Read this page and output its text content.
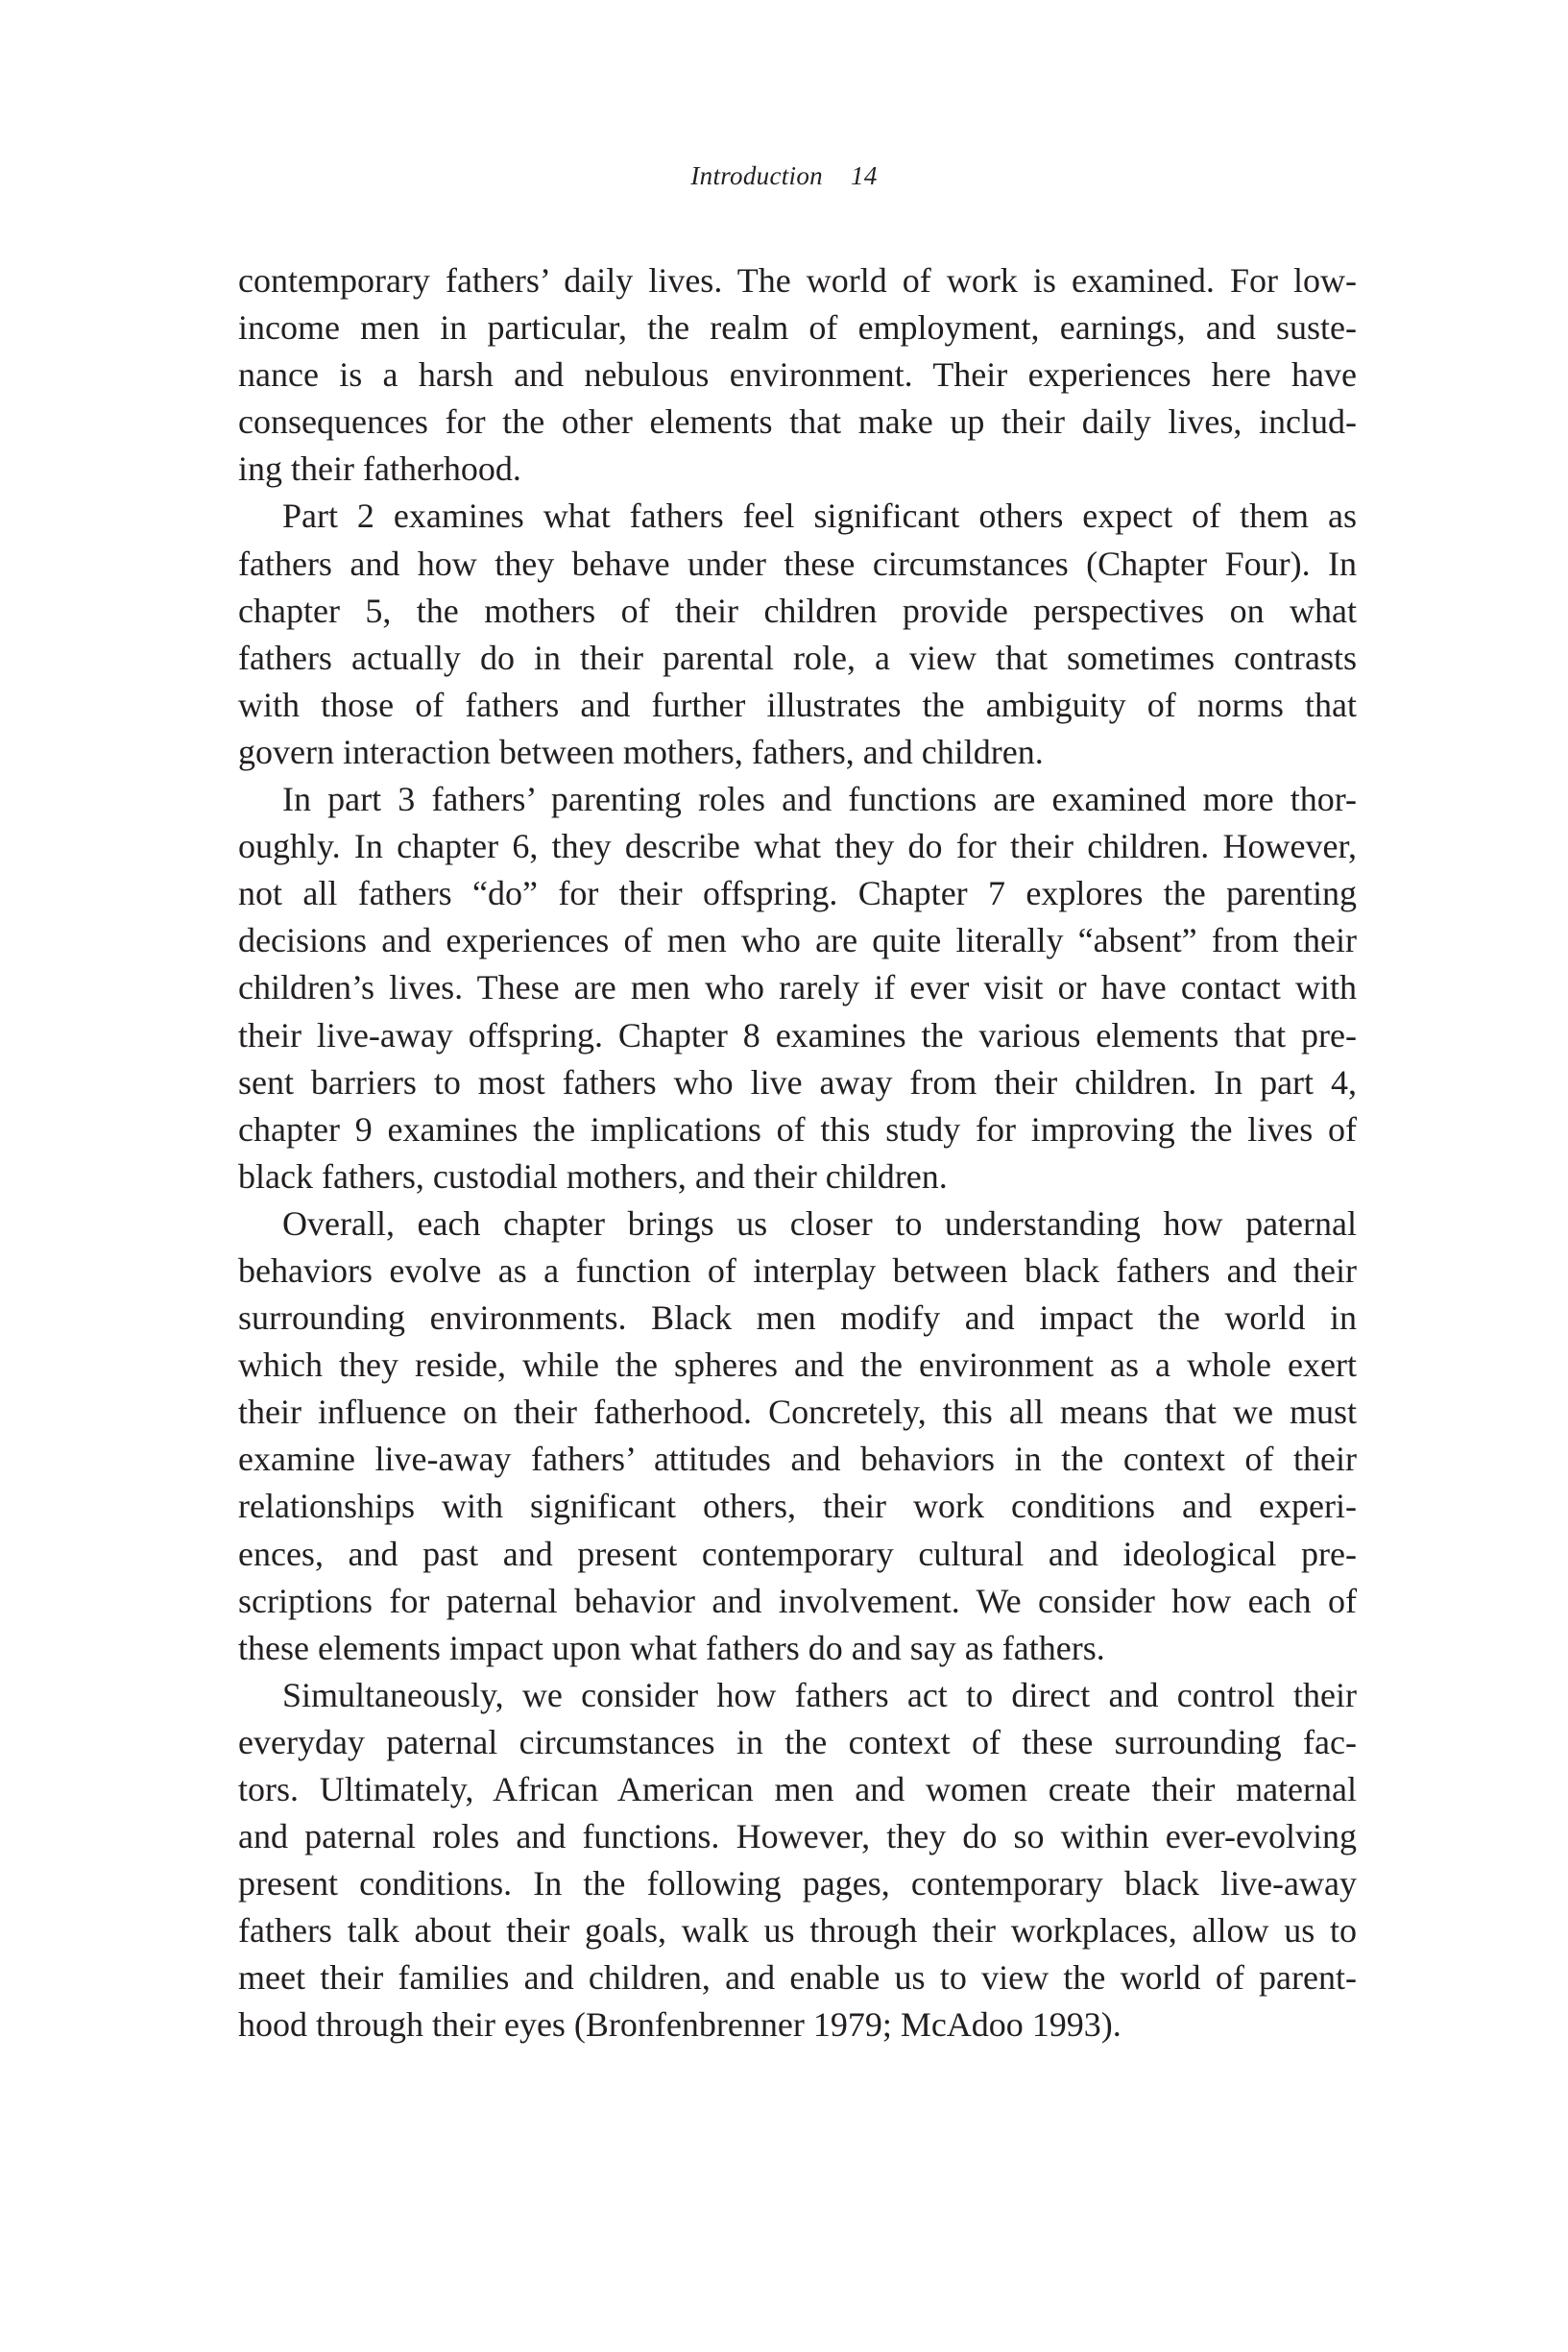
Introduction 14
contemporary fathers’ daily lives. The world of work is examined. For low-
income men in particular, the realm of employment, earnings, and suste-
nance is a harsh and nebulous environment. Their experiences here have
consequences for the other elements that make up their daily lives, includ-
ing their fatherhood.
Part 2 examines what fathers feel significant others expect of them as
fathers and how they behave under these circumstances (Chapter Four). In
chapter 5, the mothers of their children provide perspectives on what
fathers actually do in their parental role, a view that sometimes contrasts
with those of fathers and further illustrates the ambiguity of norms that
govern interaction between mothers, fathers, and children.
In part 3 fathers’ parenting roles and functions are examined more thor-
oughly. In chapter 6, they describe what they do for their children. However,
not all fathers “do” for their offspring. Chapter 7 explores the parenting
decisions and experiences of men who are quite literally “absent” from their
children’s lives. These are men who rarely if ever visit or have contact with
their live-away offspring. Chapter 8 examines the various elements that pre-
sent barriers to most fathers who live away from their children. In part 4,
chapter 9 examines the implications of this study for improving the lives of
black fathers, custodial mothers, and their children.
Overall, each chapter brings us closer to understanding how paternal
behaviors evolve as a function of interplay between black fathers and their
surrounding environments. Black men modify and impact the world in
which they reside, while the spheres and the environment as a whole exert
their influence on their fatherhood. Concretely, this all means that we must
examine live-away fathers’ attitudes and behaviors in the context of their
relationships with significant others, their work conditions and experi-
ences, and past and present contemporary cultural and ideological pre-
scriptions for paternal behavior and involvement. We consider how each of
these elements impact upon what fathers do and say as fathers.
Simultaneously, we consider how fathers act to direct and control their
everyday paternal circumstances in the context of these surrounding fac-
tors. Ultimately, African American men and women create their maternal
and paternal roles and functions. However, they do so within ever-evolving
present conditions. In the following pages, contemporary black live-away
fathers talk about their goals, walk us through their workplaces, allow us to
meet their families and children, and enable us to view the world of parent-
hood through their eyes (Bronfenbrenner 1979; McAdoo 1993).
